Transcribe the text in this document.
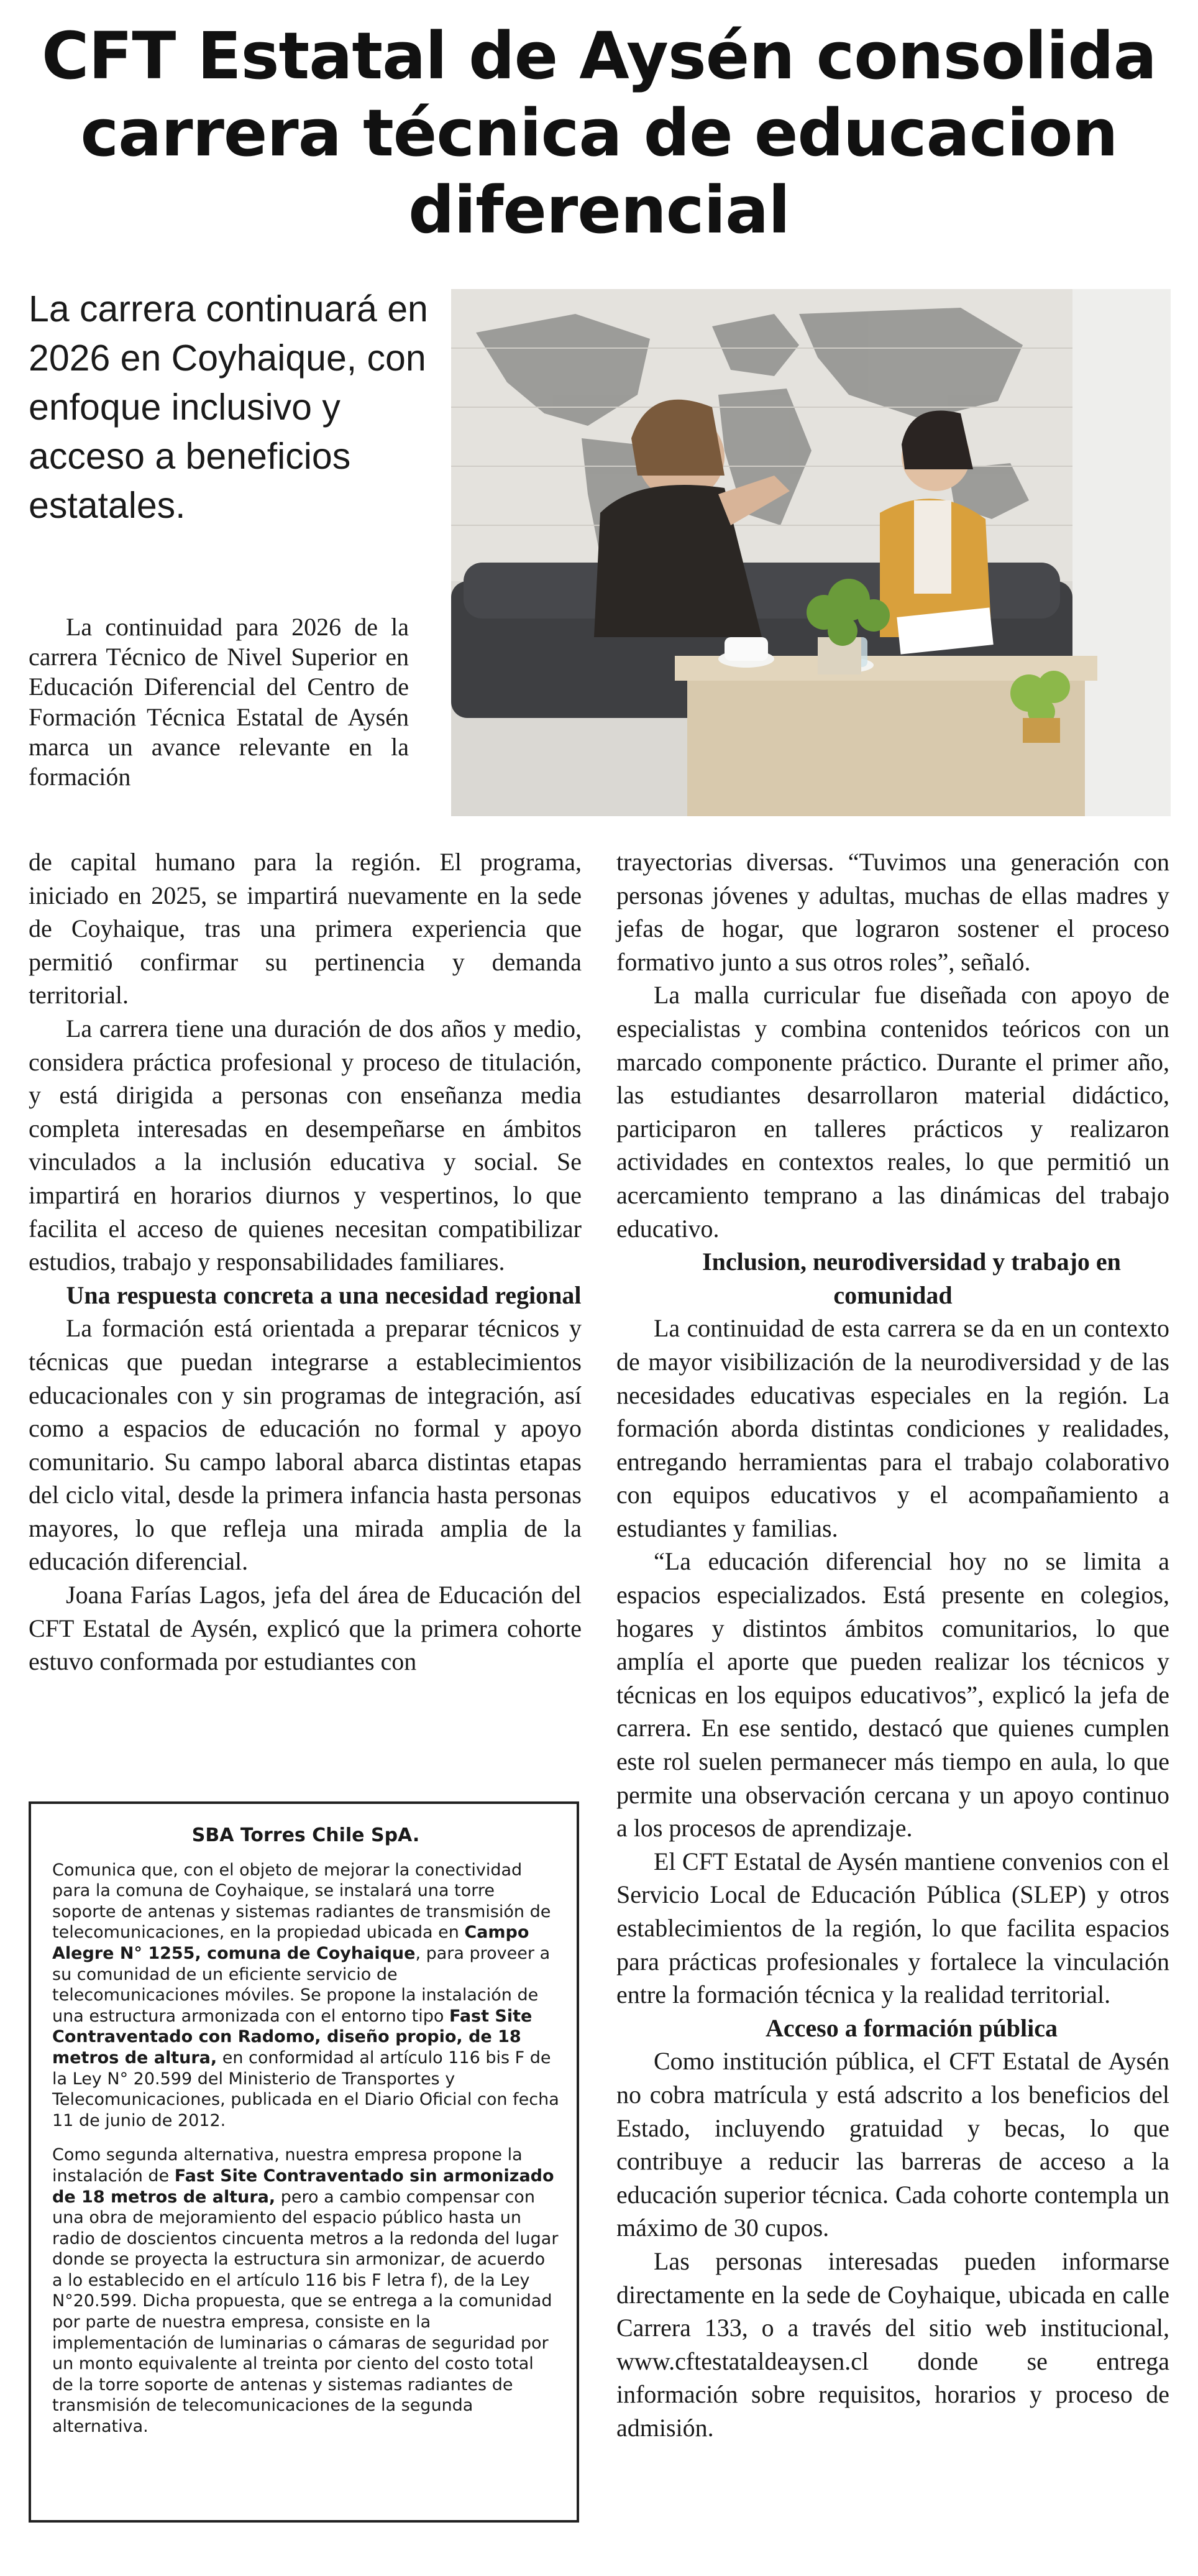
CFT Estatal de Aysén consolida carrera técnica de educacion diferencial

La carrera continuará en 2026 en Coyhaique, con enfoque inclusivo y acceso a beneficios estatales.

La continuidad para 2026 de la carrera Técnico de Nivel Superior en Educación Diferencial del Centro de Formación Técnica Estatal de Aysén marca un avance relevante en la formación

de capital humano para la región. El programa, iniciado en 2025, se impartirá nuevamente en la sede de Coyhaique, tras una primera experiencia que permitió confirmar su pertinencia y demanda territorial.

La carrera tiene una duración de dos años y medio, considera práctica profesional y proceso de titulación, y está dirigida a personas con enseñanza media completa interesadas en desempeñarse en ámbitos vinculados a la inclusión educativa y social. Se impartirá en horarios diurnos y vespertinos, lo que facilita el acceso de quienes necesitan compatibilizar estudios, trabajo y responsabilidades familiares.

Una respuesta concreta a una necesidad regional

La formación está orientada a preparar técnicos y técnicas que puedan integrarse a establecimientos educacionales con y sin programas de integración, así como a espacios de educación no formal y apoyo comunitario. Su campo laboral abarca distintas etapas del ciclo vital, desde la primera infancia hasta personas mayores, lo que refleja una mirada amplia de la educación diferencial.

Joana Farías Lagos, jefa del área de Educación del CFT Estatal de Aysén, explicó que la primera cohorte estuvo conformada por estudiantes con

trayectorias diversas. “Tuvimos una generación con personas jóvenes y adultas, muchas de ellas madres y jefas de hogar, que lograron sostener el proceso formativo junto a sus otros roles”, señaló.

La malla curricular fue diseñada con apoyo de especialistas y combina contenidos teóricos con un marcado componente práctico. Durante el primer año, las estudiantes desarrollaron material didáctico, participaron en talleres prácticos y realizaron actividades en contextos reales, lo que permitió un acercamiento temprano a las dinámicas del trabajo educativo.

Inclusion, neurodiversidad y trabajo en comunidad

La continuidad de esta carrera se da en un contexto de mayor visibilización de la neurodiversidad y de las necesidades educativas especiales en la región. La formación aborda distintas condiciones y realidades, entregando herramientas para el trabajo colaborativo con equipos educativos y el acompañamiento a estudiantes y familias.

“La educación diferencial hoy no se limita a espacios especializados. Está presente en colegios, hogares y distintos ámbitos comunitarios, lo que amplía el aporte que pueden realizar los técnicos y técnicas en los equipos educativos”, explicó la jefa de carrera. En ese sentido, destacó que quienes cumplen este rol suelen permanecer más tiempo en aula, lo que permite una observación cercana y un apoyo continuo a los procesos de aprendizaje.

El CFT Estatal de Aysén mantiene convenios con el Servicio Local de Educación Pública (SLEP) y otros establecimientos de la región, lo que facilita espacios para prácticas profesionales y fortalece la vinculación entre la formación técnica y la realidad territorial.

Acceso a formación pública

Como institución pública, el CFT Estatal de Aysén no cobra matrícula y está adscrito a los beneficios del Estado, incluyendo gratuidad y becas, lo que contribuye a reducir las barreras de acceso a la educación superior técnica. Cada cohorte contempla un máximo de 30 cupos.

Las personas interesadas pueden informarse directamente en la sede de Coyhaique, ubicada en calle Carrera 133, o a través del sitio web institucional, www.cftestataldeaysen.cl donde se entrega información sobre requisitos, horarios y proceso de admisión.

SBA Torres Chile SpA.

Comunica que, con el objeto de mejorar la conectividad para la comuna de Coyhaique, se instalará una torre soporte de antenas y sistemas radiantes de transmisión de telecomunicaciones, en la propiedad ubicada en Campo Alegre N° 1255, comuna de Coyhaique, para proveer a su comunidad de un eficiente servicio de telecomunicaciones móviles. Se propone la instalación de una estructura armonizada con el entorno tipo Fast Site Contraventado con Radomo, diseño propio, de 18 metros de altura, en conformidad al artículo 116 bis F de la Ley N° 20.599 del Ministerio de Transportes y Telecomunicaciones, publicada en el Diario Oficial con fecha 11 de junio de 2012.

Como segunda alternativa, nuestra empresa propone la instalación de Fast Site Contraventado sin armonizado de 18 metros de altura, pero a cambio compensar con una obra de mejoramiento del espacio público hasta un radio de doscientos cincuenta metros a la redonda del lugar donde se proyecta la estructura sin armonizar, de acuerdo a lo establecido en el artículo 116 bis F letra f), de la Ley N°20.599. Dicha propuesta, que se entrega a la comunidad por parte de nuestra empresa, consiste en la implementación de luminarias o cámaras de seguridad por un monto equivalente al treinta por ciento del costo total de la torre soporte de antenas y sistemas radiantes de transmisión de telecomunicaciones de la segunda alternativa.
